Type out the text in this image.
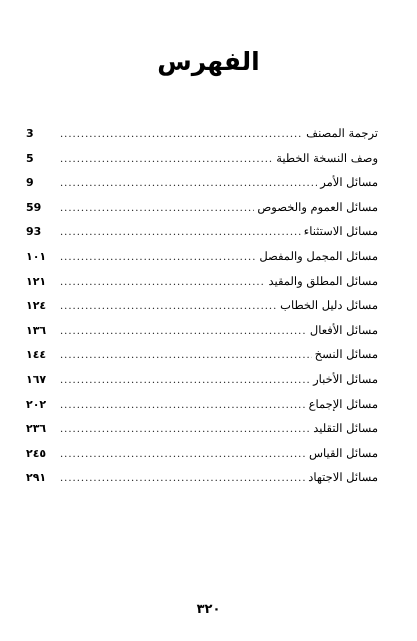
الفهرس
ترجمة المصنف
.....
3
وصف النسخة الخطية
.....
5
مسائل الأمر
.....
9
مسائل العموم والخصوص
.....
59
مسائل الاستثناء
.....
93
مسائل المجمل والمفصل
.....
١٠١
مسائل المطلق والمقيد
.....
١٢١
مسائل دليل الخطاب
.....
١٢٤
مسائل الأفعال
.....
١٣٦
مسائل النسخ
.....
١٤٤
مسائل الأخبار
.....
١٦٧
مسائل الإجماع
.....
٢٠٢
مسائل التقليد
.....
٢٣٦
مسائل القياس
.....
٢٤٥
مسائل الاجتهاد
.....
٢٩١
٣٢٠
